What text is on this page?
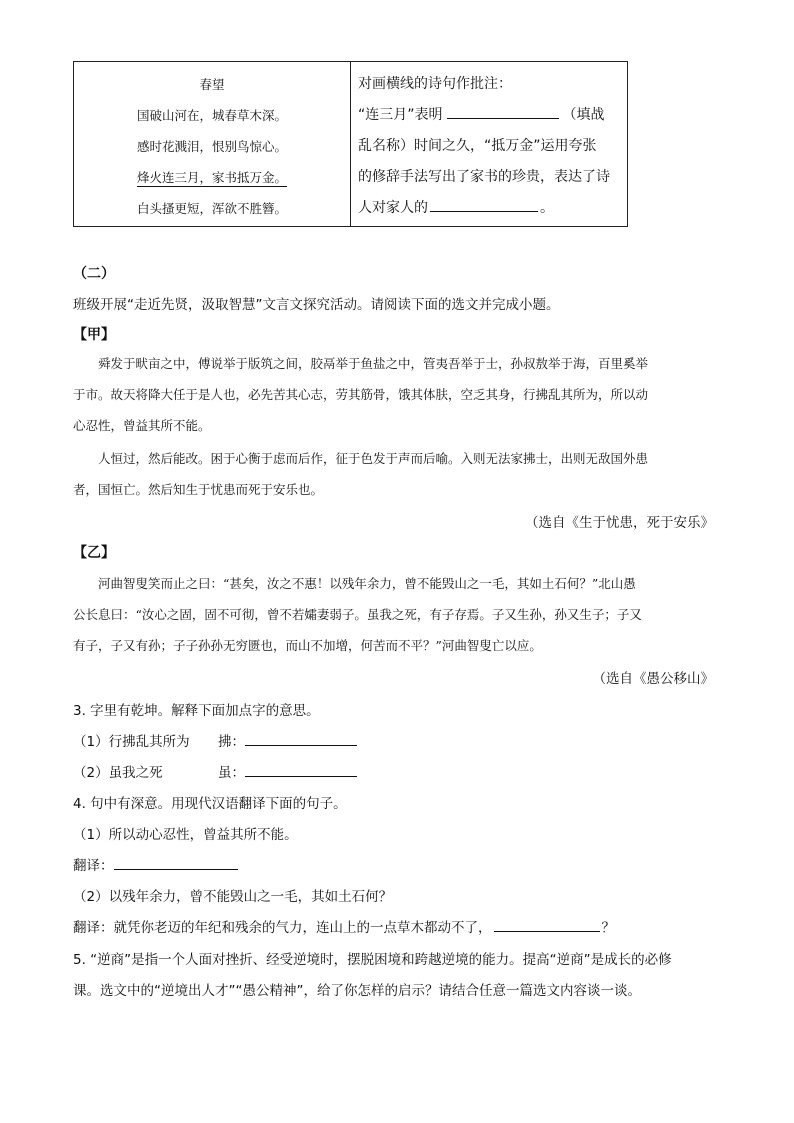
春望
国破山河在，城春草木深。
感时花溅泪，恨别鸟惊心。
烽火连三月，家书抵万金。
白头搔更短，浑欲不胜簪。
对画横线的诗句作批注：
“连三月”表明	（填战
乱名称）时间之久，“抵万金”运用夸张
的修辞手法写出了家书的珍贵，表达了诗
人对家人的	。
（二）
班级开展“走近先贤，汲取智慧”文言文探究活动。请阅读下面的选文并完成小题。
【甲】
舜发于畎亩之中，傅说举于版筑之间，胶鬲举于鱼盐之中，管夷吾举于士，孙叔敖举于海，百里奚举
于市。故天将降大任于是人也，必先苦其心志，劳其筋骨，饿其体肤，空乏其身，行拂乱其所为，所以动
心忍性，曾益其所不能。
人恒过，然后能改。困于心衡于虑而后作，征于色发于声而后喻。入则无法家拂士，出则无敌国外患
者，国恒亡。然后知生于忧患而死于安乐也。
（选自《生于忧患，死于安乐》
【乙】
河曲智叟笑而止之曰：“甚矣，汝之不惠！以残年余力，曾不能毁山之一毛，其如土石何？”北山愚
公长息曰：“汝心之固，固不可彻，曾不若孀妻弱子。虽我之死，有子存焉。子又生孙，孙又生子；子又
有子，子又有孙；子子孙孙无穷匮也，而山不加增，何苦而不平？”河曲智叟亡以应。
（选自《愚公移山》
3. 字里有乾坤。解释下面加点字的意思。
（1）行拂乱其所为 拂：
（2）虽我之死	虽：
4. 句中有深意。用现代汉语翻译下面的句子。
（1）所以动心忍性，曾益其所不能。
翻译：
（2）以残年余力，曾不能毁山之一毛，其如土石何？
翻译：就凭你老迈的年纪和残余的气力，连山上的一点草木都动不了，	？
5. “逆商”是指一个人面对挫折、经受逆境时，摆脱困境和跨越逆境的能力。提高“逆商”是成长的必修
课。选文中的“逆境出人才”“愚公精神”，给了你怎样的启示？请结合任意一篇选文内容谈一谈。
